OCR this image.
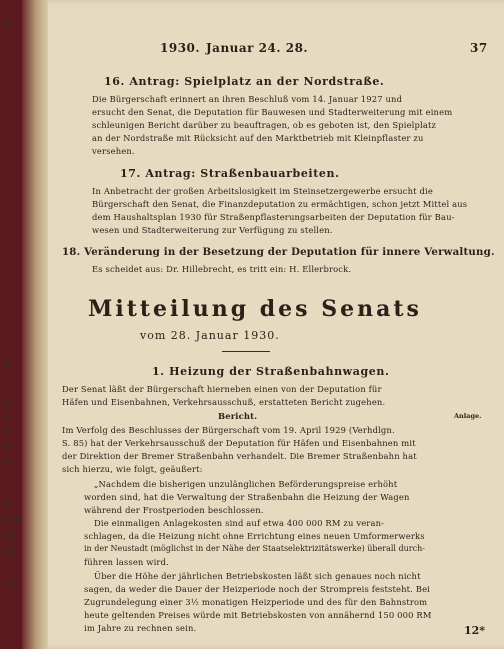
1930. Januar 24. 28.	37
16. Antrag: Spielplatz an der Nordstraße.
Die Bürgerschaft erinnert an ihren Beschluß vom 14. Januar 1927 und
ersucht den Senat, die Deputation für Bauwesen und Stadterweiterung mit einem
schleunigen Bericht darüber zu beauftragen, ob es geboten ist, den Spielplatz
an der Nordstraße mit Rücksicht auf den Marktbetrieb mit Kleinpflaster zu
versehen.
17. Antrag: Straßenbauarbeiten.
In Anbetracht der großen Arbeitslosigkeit im Steinsetzergewerbe ersucht die
Bürgerschaft den Senat, die Finanzdeputation zu ermächtigen, schon jetzt Mittel aus
dem Haushaltsplan 1930 für Straßenpflasterungsarbeiten der Deputation für Bau-
wesen und Stadterweiterung zur Verfügung zu stellen.
18. Veränderung in der Besetzung der Deputation für innere Verwaltung.
Es scheidet aus: Dr. Hillebrecht, es tritt ein: H. Ellerbrock.
Mitteilung des Senats
vom 28. Januar 1930.
1. Heizung der Straßenbahnwagen.
Der Senat läßt der Bürgerschaft hierneben einen von der Deputation für
Häfen und Eisenbahnen, Verkehrsausschuß, erstatteten Bericht zugehen.
Bericht.	Anlage.
Im Verfolg des Beschlusses der Bürgerschaft vom 19. April 1929 (Verhdlgn.
S. 85) hat der Verkehrsausschuß der Deputation für Häfen und Eisenbahnen mit
der Direktion der Bremer Straßenbahn verhandelt. Die Bremer Straßenbahn hat
sich hierzu, wie folgt, geäußert:
„Nachdem die bisherigen unzulänglichen Beförderungspreise erhöht
worden sind, hat die Verwaltung der Straßenbahn die Heizung der Wagen
während der Frostperioden beschlossen.
Die einmaligen Anlagekosten sind auf etwa 400 000 RM zu veran-
schlagen, da die Heizung nicht ohne Errichtung eines neuen Umformerwerks
in der Neustadt (möglichst in der Nähe der Staatselektrizitätswerke) überall durch-
führen lassen wird.
Über die Höhe der jährlichen Betriebskosten läßt sich genaues noch nicht
sagen, da weder die Dauer der Heizperiode noch der Strompreis feststeht. Bei
Zugrundelegung einer 3½ monatigen Heizperiode und des für den Bahnstrom
heute geltenden Preises würde mit Betriebskosten von annähernd 150 000 RM
im Jahre zu rechnen sein.	12*
m
r
·
s
tb
n
le-
m,
ie
gr
en,
ur
erde
ine
fen
än
ren
